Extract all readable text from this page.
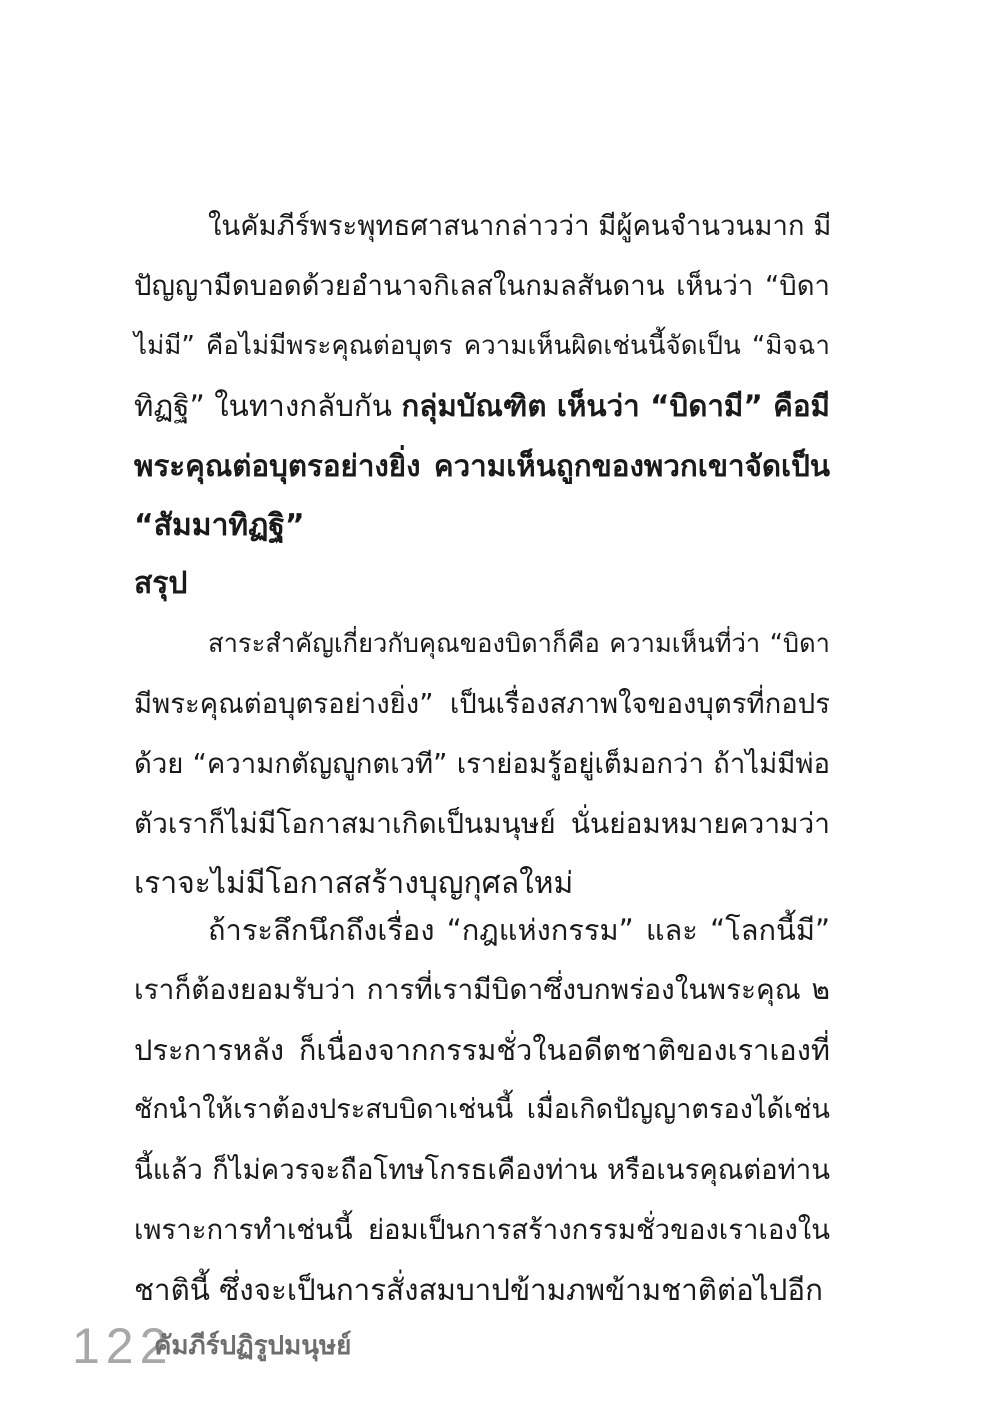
ในคัมภีร์พระพุทธศาสนากล่าวว่า มีผู้คนจำนวนมาก มี
ปัญญามืดบอดด้วยอำนาจกิเลสในกมลสันดาน เห็นว่า “บิดา
ไม่มี” คือไม่มีพระคุณต่อบุตร ความเห็นผิดเช่นนี้จัดเป็น “มิจฉา
ทิฏฐิ” ในทางกลับกัน กลุ่มบัณฑิต เห็นว่า “บิดามี” คือมี
พระคุณต่อบุตรอย่างยิ่ง ความเห็นถูกของพวกเขาจัดเป็น
“สัมมาทิฏฐิ”
สรุป
สาระสำคัญเกี่ยวกับคุณของบิดาก็คือ ความเห็นที่ว่า “บิดา
มีพระคุณต่อบุตรอย่างยิ่ง” เป็นเรื่องสภาพใจของบุตรที่กอปร
ด้วย “ความกตัญญูกตเวที” เราย่อมรู้อยู่เต็มอกว่า ถ้าไม่มีพ่อ
ตัวเราก็ไม่มีโอกาสมาเกิดเป็นมนุษย์ นั่นย่อมหมายความว่า
เราจะไม่มีโอกาสสร้างบุญกุศลใหม่
ถ้าระลึกนึกถึงเรื่อง “กฎแห่งกรรม” และ “โลกนี้มี”
เราก็ต้องยอมรับว่า การที่เรามีบิดาซึ่งบกพร่องในพระคุณ ๒
ประการหลัง ก็เนื่องจากกรรมชั่วในอดีตชาติของเราเองที่
ชักนำให้เราต้องประสบบิดาเช่นนี้ เมื่อเกิดปัญญาตรองได้เช่น
นี้แล้ว ก็ไม่ควรจะถือโทษโกรธเคืองท่าน หรือเนรคุณต่อท่าน
เพราะการทำเช่นนี้ ย่อมเป็นการสร้างกรรมชั่วของเราเองใน
ชาตินี้ ซึ่งจะเป็นการสั่งสมบาปข้ามภพข้ามชาติต่อไปอีก
122
คัมภีร์ปฏิรูปมนุษย์
